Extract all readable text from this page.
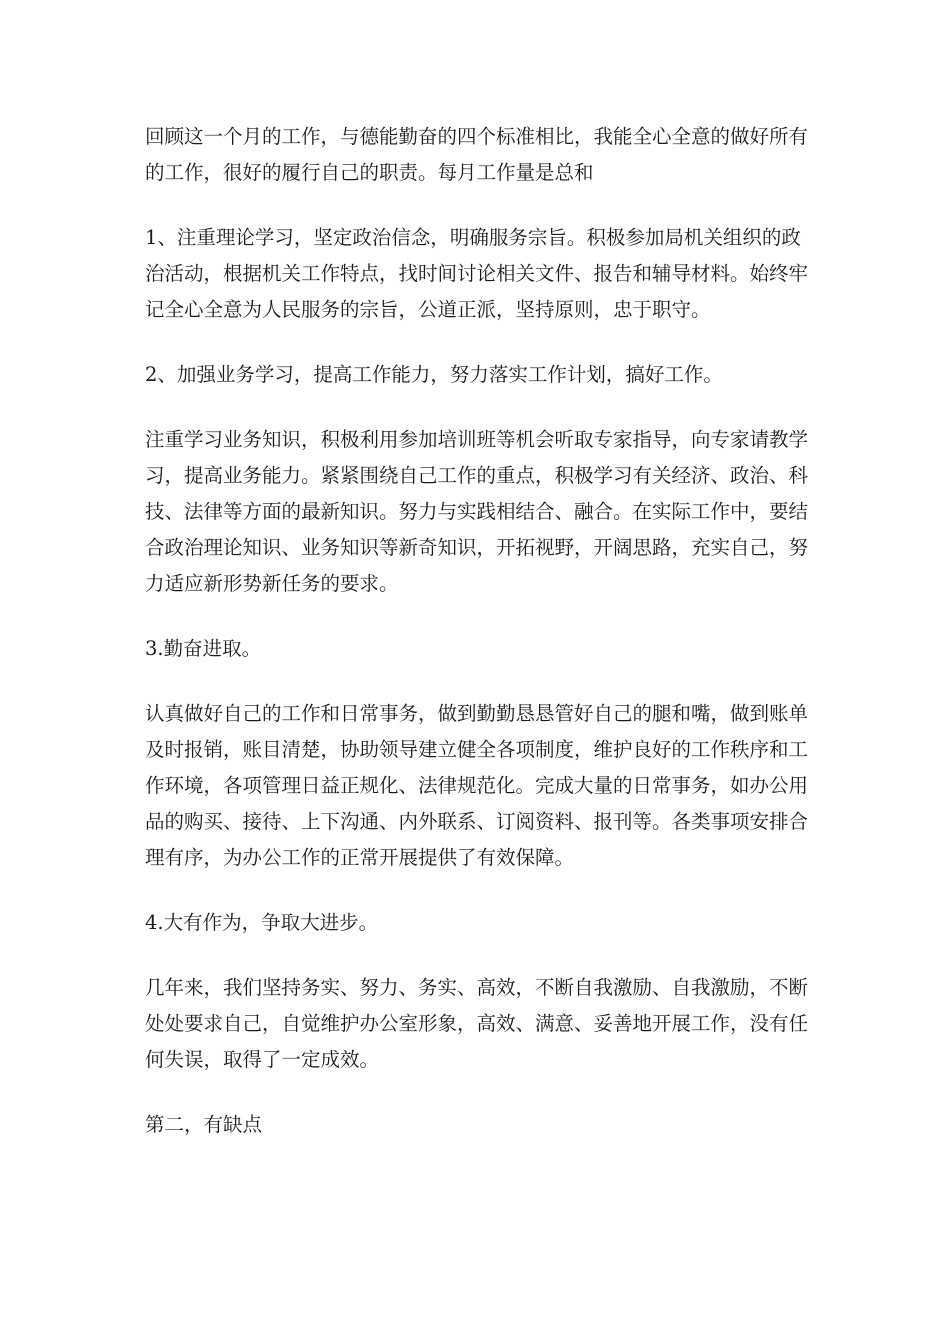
回顾这一个月的工作，与德能勤奋的四个标准相比，我能全心全意的做好所有的工作，很好的履行自己的职责。每月工作量是总和

1、注重理论学习，坚定政治信念，明确服务宗旨。积极参加局机关组织的政治活动，根据机关工作特点，找时间讨论相关文件、报告和辅导材料。始终牢记全心全意为人民服务的宗旨，公道正派，坚持原则，忠于职守。

2、加强业务学习，提高工作能力，努力落实工作计划，搞好工作。

注重学习业务知识，积极利用参加培训班等机会听取专家指导，向专家请教学习，提高业务能力。紧紧围绕自己工作的重点，积极学习有关经济、政治、科技、法律等方面的最新知识。努力与实践相结合、融合。在实际工作中，要结合政治理论知识、业务知识等新奇知识，开拓视野，开阔思路，充实自己，努力适应新形势新任务的要求。

3.勤奋进取。

认真做好自己的工作和日常事务，做到勤勤恳恳管好自己的腿和嘴，做到账单及时报销，账目清楚，协助领导建立健全各项制度，维护良好的工作秩序和工作环境，各项管理日益正规化、法律规范化。完成大量的日常事务，如办公用品的购买、接待、上下沟通、内外联系、订阅资料、报刊等。各类事项安排合理有序，为办公工作的正常开展提供了有效保障。

4.大有作为，争取大进步。

几年来，我们坚持务实、努力、务实、高效，不断自我激励、自我激励，不断处处要求自己，自觉维护办公室形象，高效、满意、妥善地开展工作，没有任何失误，取得了一定成效。

第二，有缺点
